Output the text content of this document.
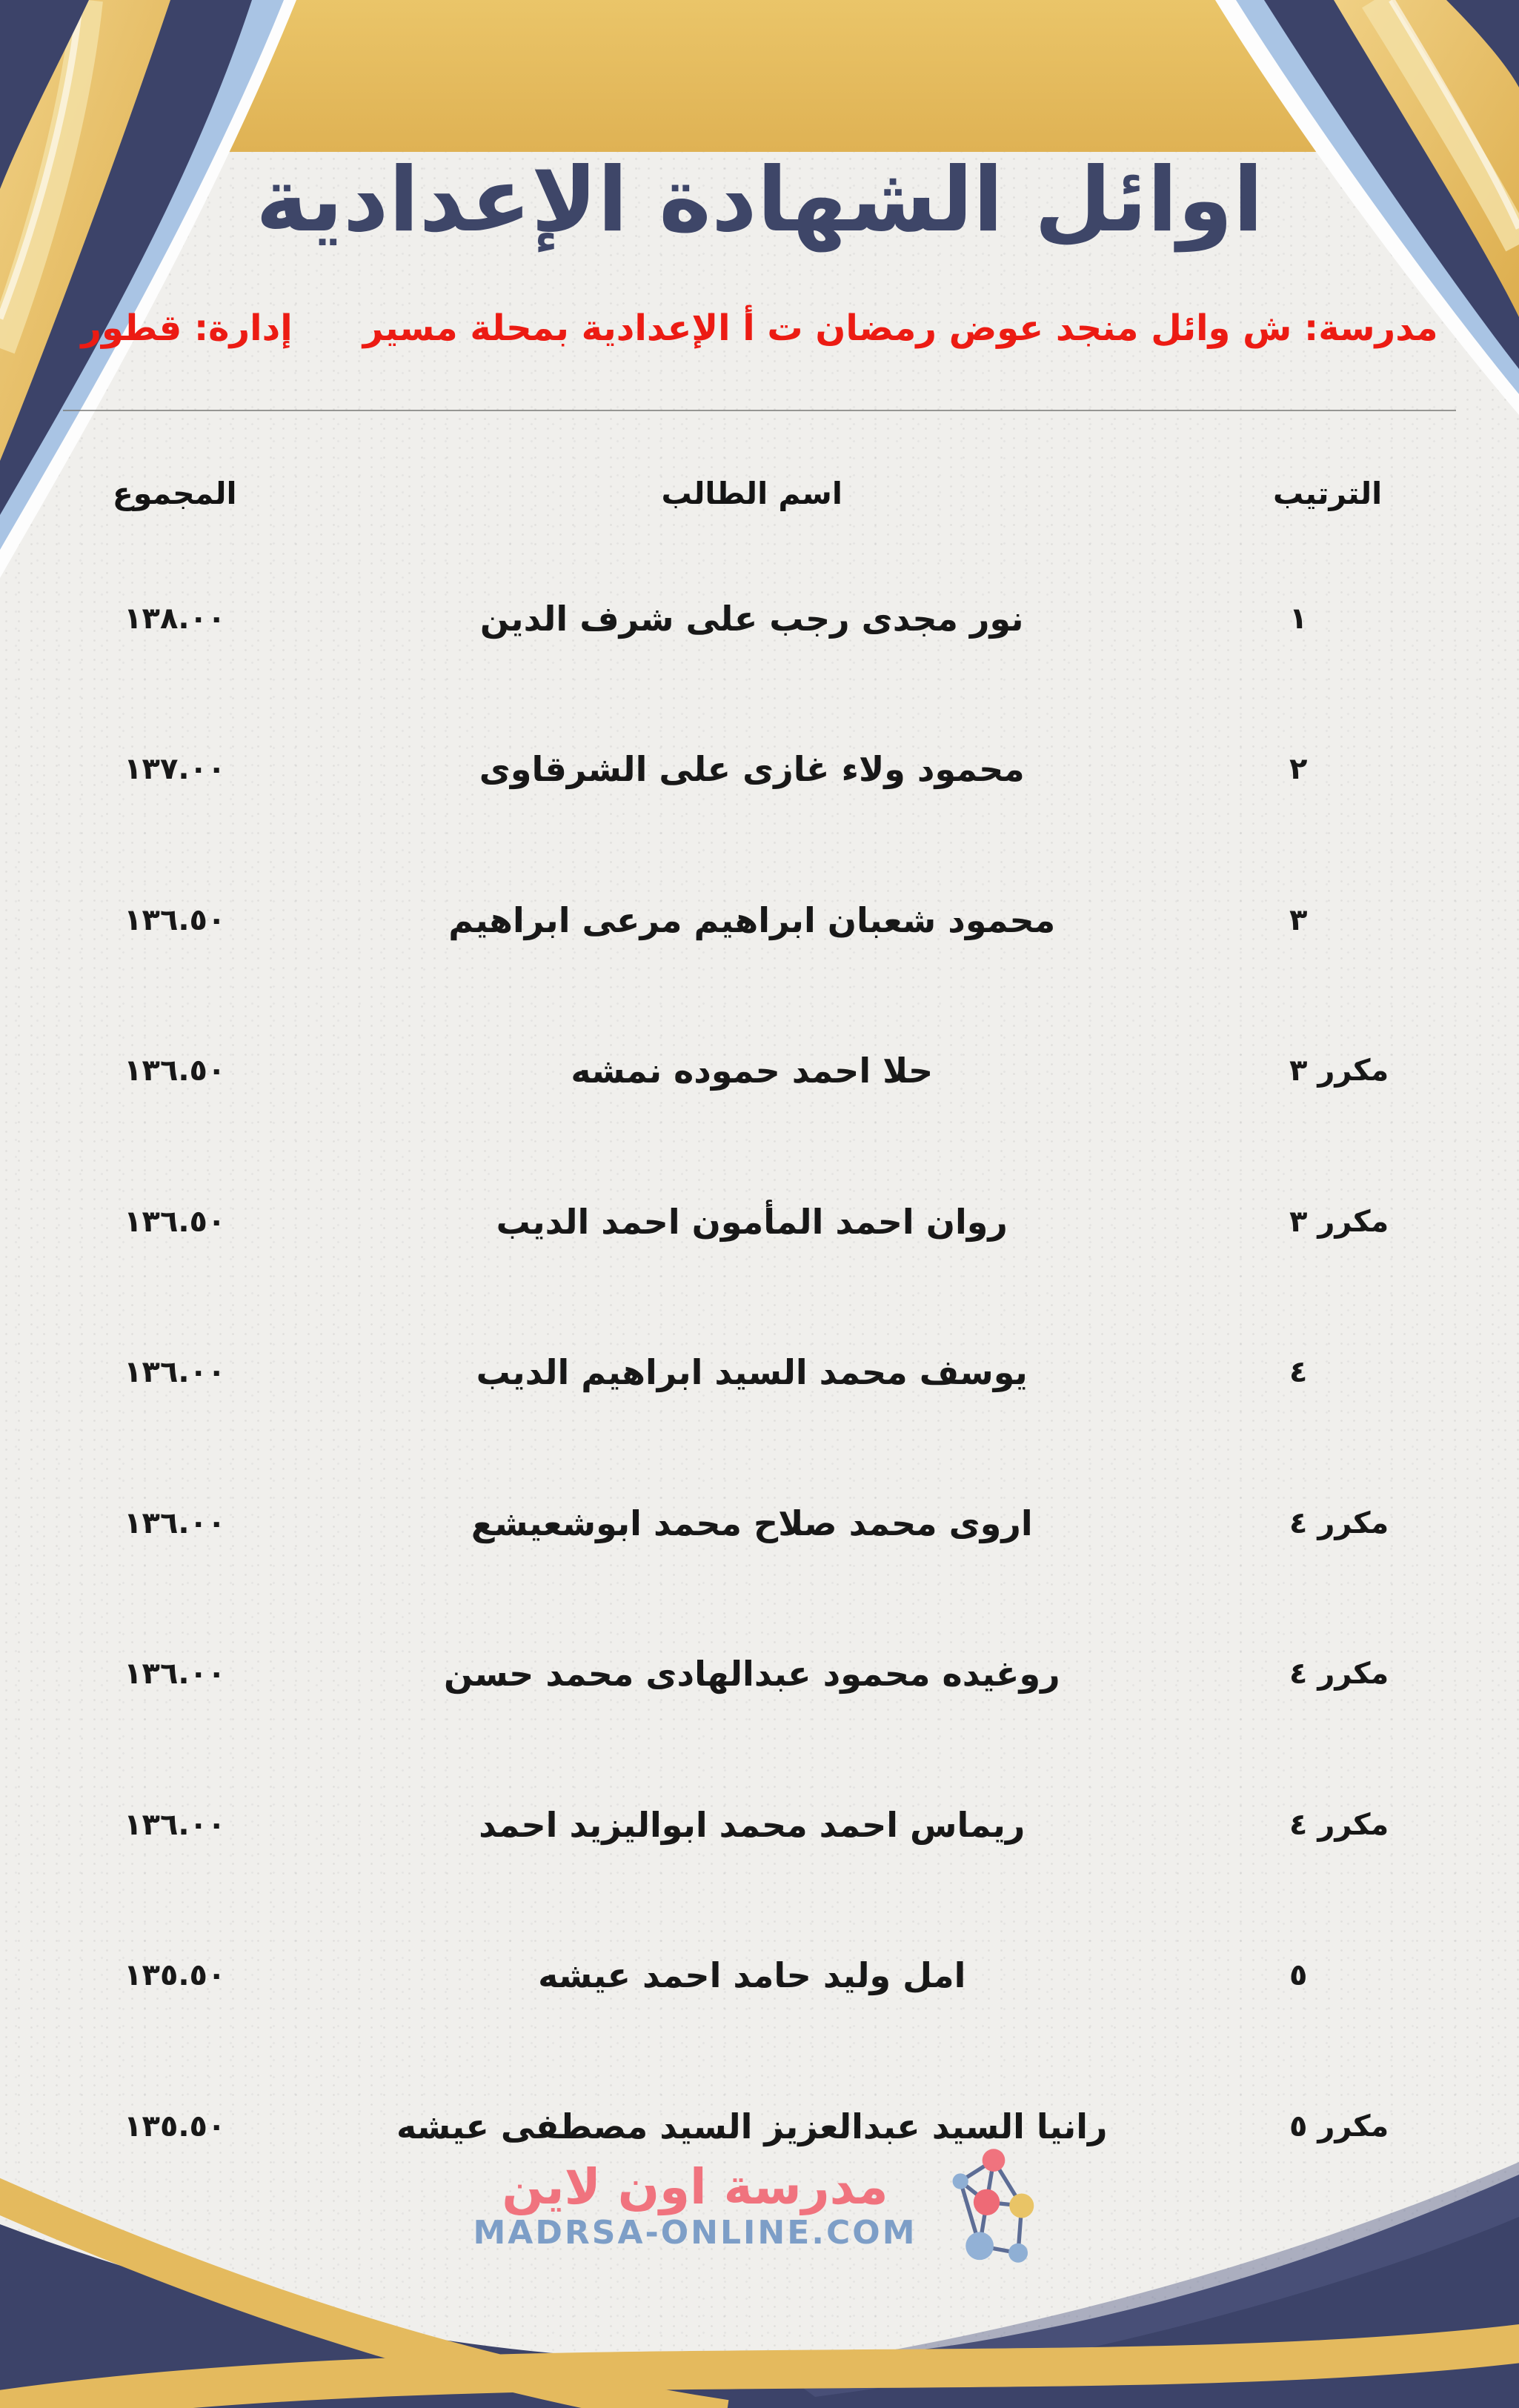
اوائل الشهادة الإعدادية
مدرسة: ش وائل منجد عوض رمضان ت أ الإعدادية بمحلة مسير
إدارة: قطور
المجموع	اسم الطالب	الترتيب
١٣٨.٠٠	نور مجدى رجب على شرف الدين	١
١٣٧.٠٠	محمود ولاء غازى على الشرقاوى	٢
١٣٦.٥٠	محمود شعبان ابراهيم مرعى ابراهيم	٣
١٣٦.٥٠	حلا احمد حموده نمشه	مكرر ٣
١٣٦.٥٠	روان احمد المأمون احمد الديب	مكرر ٣
١٣٦.٠٠	يوسف محمد السيد ابراهيم الديب	٤
١٣٦.٠٠	اروى محمد صلاح محمد ابوشعيشع	مكرر ٤
١٣٦.٠٠	روغيده محمود عبدالهادى محمد حسن	مكرر ٤
١٣٦.٠٠	ريماس احمد محمد ابواليزيد احمد	مكرر ٤
١٣٥.٥٠	امل وليد حامد احمد عيشه	٥
١٣٥.٥٠	رانيا السيد عبدالعزيز السيد مصطفى عيشه	مكرر ٥
مدرسة اون لاين
MADRSA-ONLINE.COM
